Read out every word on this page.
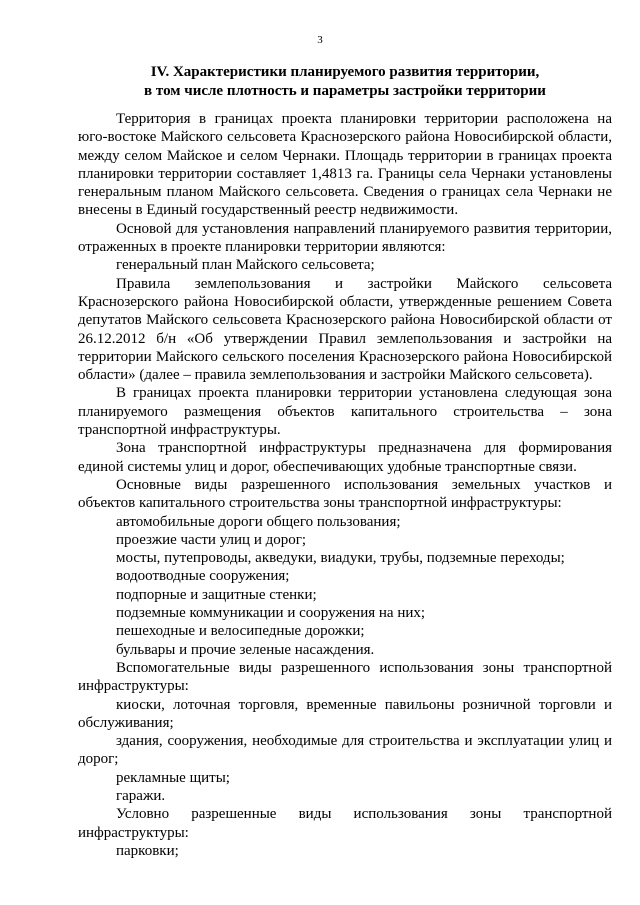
3
IV. Характеристики планируемого развития территории,
в том числе плотность и параметры застройки территории

Территория в границах проекта планировки территории расположена на юго-востоке Майского сельсовета Краснозерского района Новосибирской области, между селом Майское и селом Чернаки. Площадь территории в границах проекта планировки территории составляет 1,4813 га. Границы села Чернаки установлены генеральным планом Майского сельсовета. Сведения о границах села Чернаки не внесены в Единый государственный реестр недвижимости.

Основой для установления направлений планируемого развития территории, отраженных в проекте планировки территории являются:

генеральный план Майского сельсовета;

Правила землепользования и застройки Майского сельсовета Краснозерского района Новосибирской области, утвержденные решением Совета депутатов Майского сельсовета Краснозерского района Новосибирской области от 26.12.2012 б/н «Об утверждении Правил землепользования и застройки на территории Майского сельского поселения Краснозерского района Новосибирской области» (далее – правила землепользования и застройки Майского сельсовета).

В границах проекта планировки территории установлена следующая зона планируемого размещения объектов капитального строительства – зона транспортной инфраструктуры.

Зона транспортной инфраструктуры предназначена для формирования единой системы улиц и дорог, обеспечивающих удобные транспортные связи.

Основные виды разрешенного использования земельных участков и объектов капитального строительства зоны транспортной инфраструктуры:

автомобильные дороги общего пользования;

проезжие части улиц и дорог;

мосты, путепроводы, акведуки, виадуки, трубы, подземные переходы;

водоотводные сооружения;

подпорные и защитные стенки;

подземные коммуникации и сооружения на них;

пешеходные и велосипедные дорожки;

бульвары и прочие зеленые насаждения.

Вспомогательные виды разрешенного использования зоны транспортной инфраструктуры:

киоски, лоточная торговля, временные павильоны розничной торговли и обслуживания;

здания, сооружения, необходимые для строительства и эксплуатации улиц и дорог;

рекламные щиты;

гаражи.

Условно разрешенные виды использования зоны транспортной инфраструктуры:

парковки;
